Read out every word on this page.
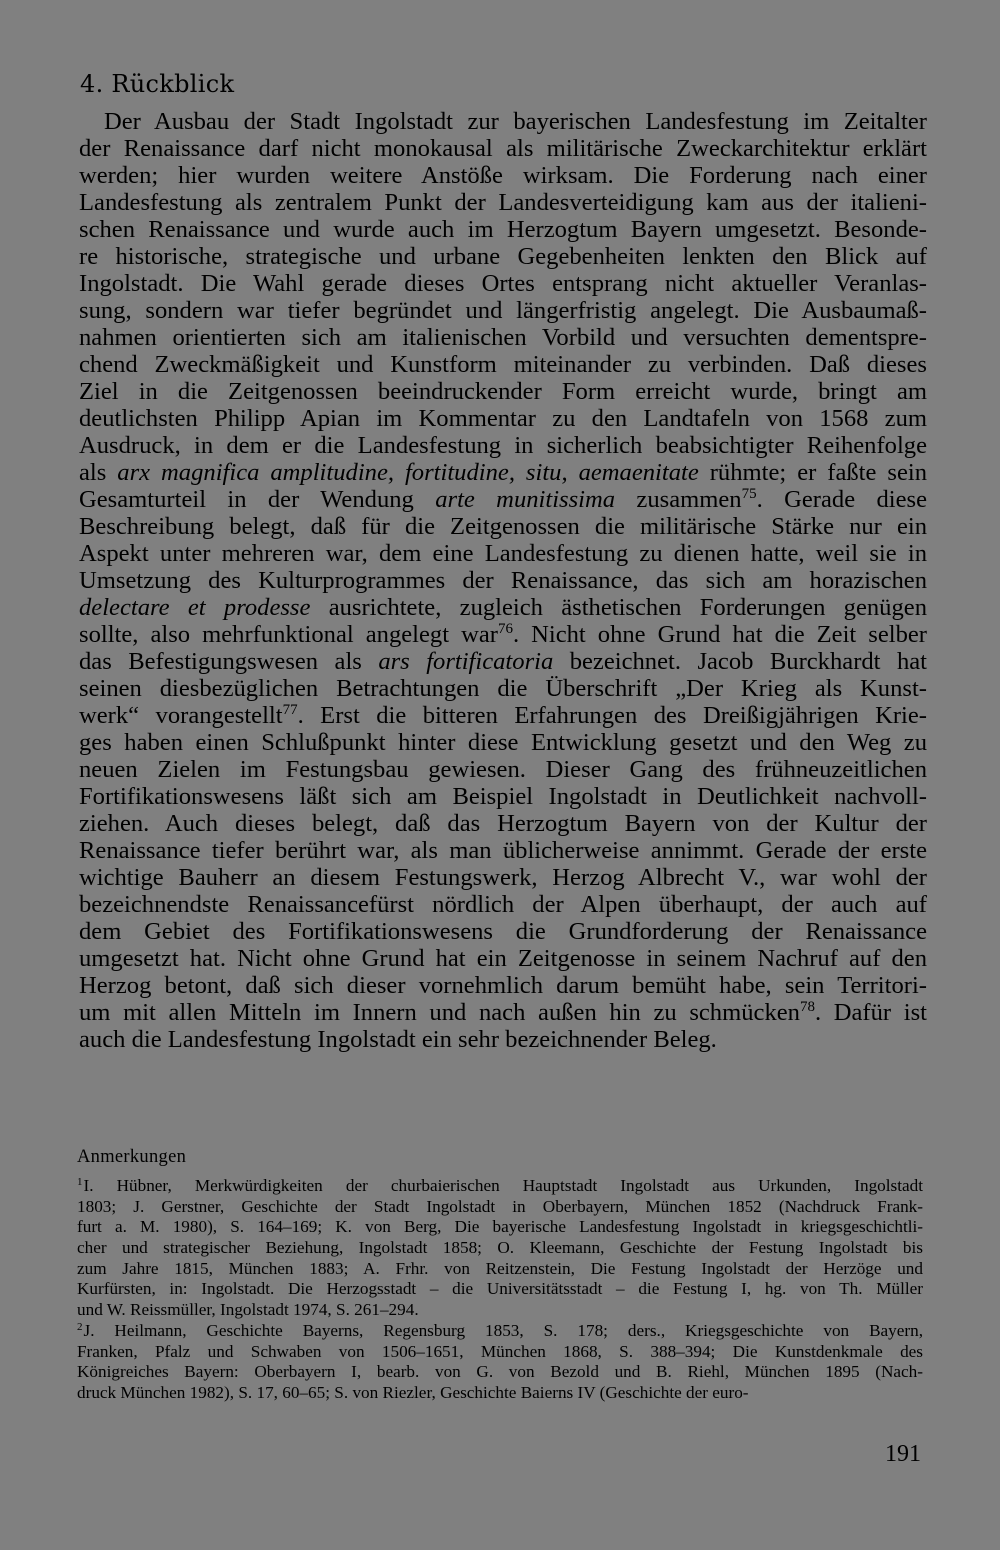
4. Rückblick
Der Ausbau der Stadt Ingolstadt zur bayerischen Landesfestung im Zeitalter
der Renaissance darf nicht monokausal als militärische Zweckarchitektur erklärt
werden; hier wurden weitere Anstöße wirksam. Die Forderung nach einer
Landesfestung als zentralem Punkt der Landesverteidigung kam aus der italieni-
schen Renaissance und wurde auch im Herzogtum Bayern umgesetzt. Besonde-
re historische, strategische und urbane Gegebenheiten lenkten den Blick auf
Ingolstadt. Die Wahl gerade dieses Ortes entsprang nicht aktueller Veranlas-
sung, sondern war tiefer begründet und längerfristig angelegt. Die Ausbaumaß-
nahmen orientierten sich am italienischen Vorbild und versuchten dementspre-
chend Zweckmäßigkeit und Kunstform miteinander zu verbinden. Daß dieses
Ziel in die Zeitgenossen beeindruckender Form erreicht wurde, bringt am
deutlichsten Philipp Apian im Kommentar zu den Landtafeln von 1568 zum
Ausdruck, in dem er die Landesfestung in sicherlich beabsichtigter Reihenfolge
als arx magnifica amplitudine, fortitudine, situ, aemaenitate rühmte; er faßte sein
Gesamturteil in der Wendung arte munitissima zusammen$^{75}$. Gerade diese
Beschreibung belegt, daß für die Zeitgenossen die militärische Stärke nur ein
Aspekt unter mehreren war, dem eine Landesfestung zu dienen hatte, weil sie in
Umsetzung des Kulturprogrammes der Renaissance, das sich am horazischen
delectare et prodesse ausrichtete, zugleich ästhetischen Forderungen genügen
sollte, also mehrfunktional angelegt war$^{76}$. Nicht ohne Grund hat die Zeit selber
das Befestigungswesen als ars fortificatoria bezeichnet. Jacob Burckhardt hat
seinen diesbezüglichen Betrachtungen die Überschrift „Der Krieg als Kunst-
werk“ vorangestellt$^{77}$. Erst die bitteren Erfahrungen des Dreißigjährigen Krie-
ges haben einen Schlußpunkt hinter diese Entwicklung gesetzt und den Weg zu
neuen Zielen im Festungsbau gewiesen. Dieser Gang des frühneuzeitlichen
Fortifikationswesens läßt sich am Beispiel Ingolstadt in Deutlichkeit nachvoll-
ziehen. Auch dieses belegt, daß das Herzogtum Bayern von der Kultur der
Renaissance tiefer berührt war, als man üblicherweise annimmt. Gerade der erste
wichtige Bauherr an diesem Festungswerk, Herzog Albrecht V., war wohl der
bezeichnendste Renaissancefürst nördlich der Alpen überhaupt, der auch auf
dem Gebiet des Fortifikationswesens die Grundforderung der Renaissance
umgesetzt hat. Nicht ohne Grund hat ein Zeitgenosse in seinem Nachruf auf den
Herzog betont, daß sich dieser vornehmlich darum bemüht habe, sein Territori-
um mit allen Mitteln im Innern und nach außen hin zu schmücken$^{78}$. Dafür ist
auch die Landesfestung Ingolstadt ein sehr bezeichnender Beleg.
Anmerkungen
$^1$I. Hübner, Merkwürdigkeiten der churbaierischen Hauptstadt Ingolstadt aus Urkunden, Ingolstadt
1803; J. Gerstner, Geschichte der Stadt Ingolstadt in Oberbayern, München 1852 (Nachdruck Frank-
furt a. M. 1980), S. 164–169; K. von Berg, Die bayerische Landesfestung Ingolstadt in kriegsgeschichtli-
cher und strategischer Beziehung, Ingolstadt 1858; O. Kleemann, Geschichte der Festung Ingolstadt bis
zum Jahre 1815, München 1883; A. Frhr. von Reitzenstein, Die Festung Ingolstadt der Herzöge und
Kurfürsten, in: Ingolstadt. Die Herzogsstadt – die Universitätsstadt – die Festung I, hg. von Th. Müller
und W. Reissmüller, Ingolstadt 1974, S. 261–294.
$^2$J. Heilmann, Geschichte Bayerns, Regensburg 1853, S. 178; ders., Kriegsgeschichte von Bayern,
Franken, Pfalz und Schwaben von 1506–1651, München 1868, S. 388–394; Die Kunstdenkmale des
Königreiches Bayern: Oberbayern I, bearb. von G. von Bezold und B. Riehl, München 1895 (Nach-
druck München 1982), S. 17, 60–65; S. von Riezler, Geschichte Baierns IV (Geschichte der euro-
191
